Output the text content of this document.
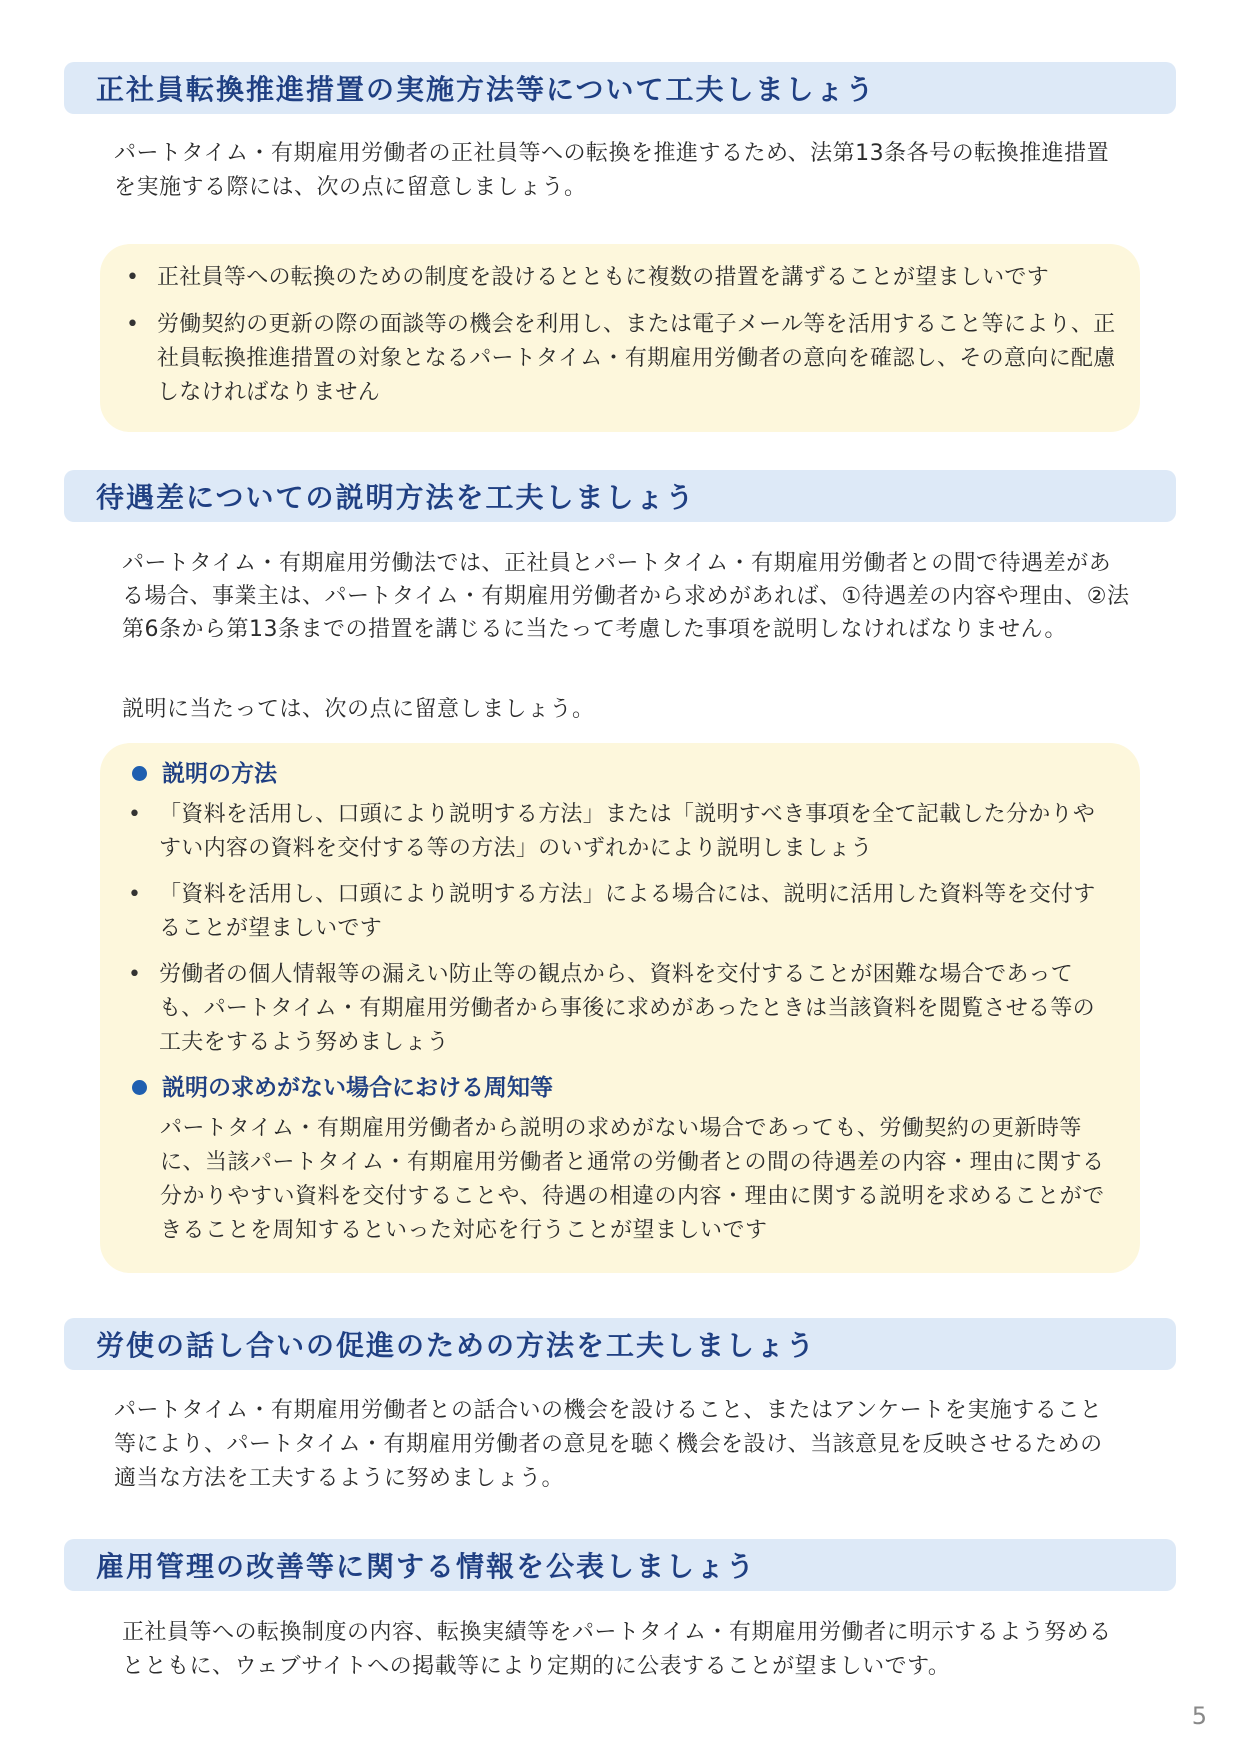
正社員転換推進措置の実施方法等について工夫しましょう

パートタイム・有期雇用労働者の正社員等への転換を推進するため、法第13条各号の転換推進措置を実施する際には、次の点に留意しましょう。

• 正社員等への転換のための制度を設けるとともに複数の措置を講ずることが望ましいです
• 労働契約の更新の際の面談等の機会を利用し、または電子メール等を活用すること等により、正社員転換推進措置の対象となるパートタイム・有期雇用労働者の意向を確認し、その意向に配慮しなければなりません
待遇差についての説明方法を工夫しましょう

パートタイム・有期雇用労働法では、正社員とパートタイム・有期雇用労働者との間で待遇差がある場合、事業主は、パートタイム・有期雇用労働者から求めがあれば、①待遇差の内容や理由、②法第6条から第13条までの措置を講じるに当たって考慮した事項を説明しなければなりません。

説明に当たっては、次の点に留意しましょう。

説明の方法
• 「資料を活用し、口頭により説明する方法」または「説明すべき事項を全て記載した分かりやすい内容の資料を交付する等の方法」のいずれかにより説明しましょう
• 「資料を活用し、口頭により説明する方法」による場合には、説明に活用した資料等を交付することが望ましいです
• 労働者の個人情報等の漏えい防止等の観点から、資料を交付することが困難な場合であっても、パートタイム・有期雇用労働者から事後に求めがあったときは当該資料を閲覧させる等の工夫をするよう努めましょう
説明の求めがない場合における周知等

パートタイム・有期雇用労働者から説明の求めがない場合であっても、労働契約の更新時等に、当該パートタイム・有期雇用労働者と通常の労働者との間の待遇差の内容・理由に関する分かりやすい資料を交付することや、待遇の相違の内容・理由に関する説明を求めることができることを周知するといった対応を行うことが望ましいです

労使の話し合いの促進のための方法を工夫しましょう

パートタイム・有期雇用労働者との話合いの機会を設けること、またはアンケートを実施すること等により、パートタイム・有期雇用労働者の意見を聴く機会を設け、当該意見を反映させるための適当な方法を工夫するように努めましょう。

雇用管理の改善等に関する情報を公表しましょう

正社員等への転換制度の内容、転換実績等をパートタイム・有期雇用労働者に明示するよう努めるとともに、ウェブサイトへの掲載等により定期的に公表することが望ましいです。

5
